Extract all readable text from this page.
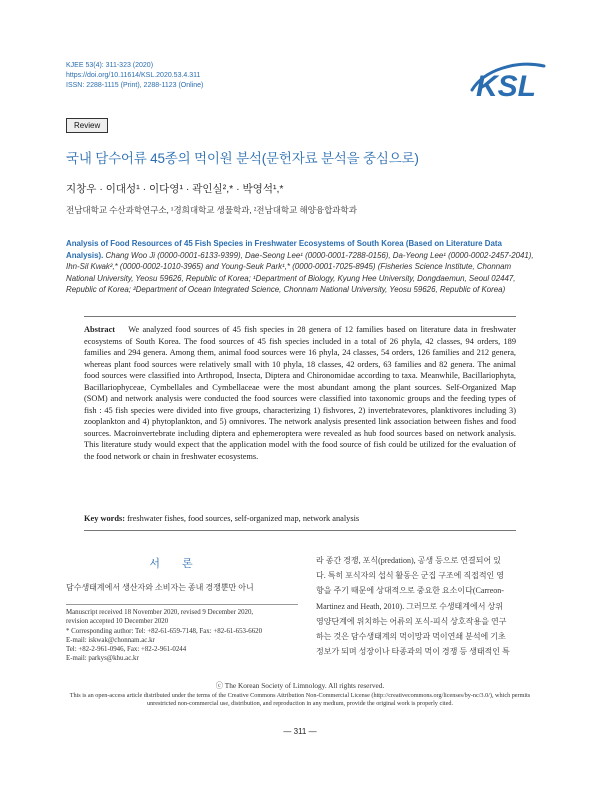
KJEE 53(4): 311-323 (2020)
https://doi.org/10.11614/KSL.2020.53.4.311
ISSN: 2288-1115 (Print), 2288-1123 (Online)	KSL
Review
국내 담수어류 45종의 먹이원 분석(문헌자료 분석을 중심으로)
지창우 · 이대성¹ · 이다영¹ · 곽인실²,* · 박영석¹,*
전남대학교 수산과학연구소, ¹경희대학교 생물학과, ²전남대학교 해양융합과학과
Analysis of Food Resources of 45 Fish Species in Freshwater Ecosystems of South Korea (Based on Literature Data Analysis). Chang Woo Ji (0000-0001-6133-9399), Dae-Seong Lee¹ (0000-0001-7288-0156), Da-Yeong Lee¹ (0000-0002-2457-2041), Ihn-Sil Kwak²,* (0000-0002-1010-3965) and Young-Seuk Park¹,* (0000-0001-7025-8945) (Fisheries Science Institute, Chonnam National University, Yeosu 59626, Republic of Korea; ¹Department of Biology, Kyung Hee University, Dongdaemun, Seoul 02447, Republic of Korea; ²Department of Ocean Integrated Science, Chonnam National University, Yeosu 59626, Republic of Korea)
Abstract We analyzed food sources of 45 fish species in 28 genera of 12 families based on literature data in freshwater ecosystems of South Korea. The food sources of 45 fish species included in a total of 26 phyla, 42 classes, 94 orders, 189 families and 294 genera. Among them, animal food sources were 16 phyla, 24 classes, 54 orders, 126 families and 212 genera, whereas plant food sources were relatively small with 10 phyla, 18 classes, 42 orders, 63 families and 82 genera. The animal food sources were classified into Arthropod, Insecta, Diptera and Chironomidae according to taxa. Meanwhile, Bacillariophyta, Bacillariophyceae, Cymbellales and Cymbellaceae were the most abundant among the plant sources. Self-Organized Map (SOM) and network analysis were conducted the food sources were classified into taxonomic groups and the feeding types of fish : 45 fish species were divided into five groups, characterizing 1) fishvores, 2) invertebratevores, planktivores including 3) zooplankton and 4) phytoplankton, and 5) omnivores. The network analysis presented link association between fishes and food sources. Macroinvertebrate including diptera and ephemeroptera were revealed as hub food sources based on network analysis. This literature study would expect that the application model with the food source of fish could be utilized for the evaluation of the food network or chain in freshwater ecosystems.
Key words: freshwater fishes, food sources, self-organized map, network analysis
서론
담수생태계에서 생산자와 소비자는 종내 경쟁뿐만 아니
Manuscript received 18 November 2020, revised 9 December 2020,
revision accepted 10 December 2020
* Corresponding author: Tel: +82-61-659-7148, Fax: +82-61-653-6620
E-mail: iskwak@chonnam.ac.kr
Tel: +82-2-961-0946, Fax: +82-2-961-0244
E-mail: parkys@khu.ac.kr
라 종간 경쟁, 포식(predation), 공생 등으로 연결되어 있
다. 특히 포식자의 섭식 활동은 군집 구조에 직접적인 영
향을 주기 때문에 상대적으로 중요한 요소이다(Carreon-
Martinez and Heath, 2010). 그러므로 수생태계에서 상위
영양단계에 위치하는 어류의 포식-피식 상호작용을 연구
하는 것은 담수생태계의 먹이망과 먹이연쇄 분석에 기초
정보가 되며 성장이나 타종과의 먹이 경쟁 등 생태적인 특
ⓒ The Korean Society of Limnology. All rights reserved.
This is an open-access article distributed under the terms of the Creative Commons Attribution Non-Commercial License (http://creativecommons.org/licenses/by-nc/3.0/), which permits unrestricted non-commercial use, distribution, and reproduction in any medium, provide the original work is properly cited.
— 311 —
